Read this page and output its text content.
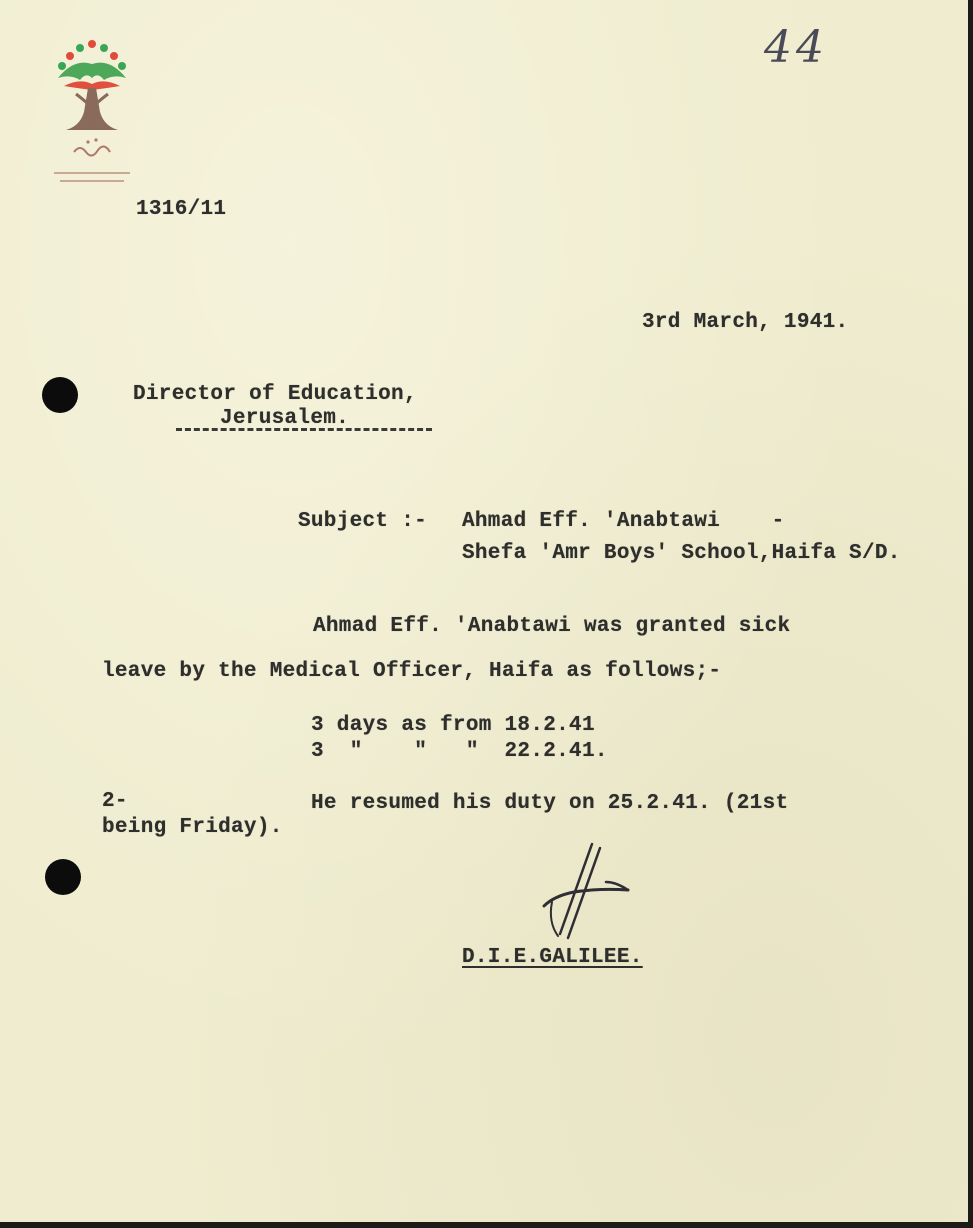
44
1316/11
3rd March, 1941.
Director of Education,
Jerusalem.
Subject :- Ahmad Eff. 'Anabtawi    -
Shefa 'Amr Boys' School,Haifa S/D.
Ahmad Eff. 'Anabtawi was granted sick
leave by the Medical Officer, Haifa as follows;-
3 days as from 18.2.41
3  "    "   "  22.2.41.
2-	He resumed his duty on 25.2.41. (21st
being Friday).
D.I.E.GALILEE.
